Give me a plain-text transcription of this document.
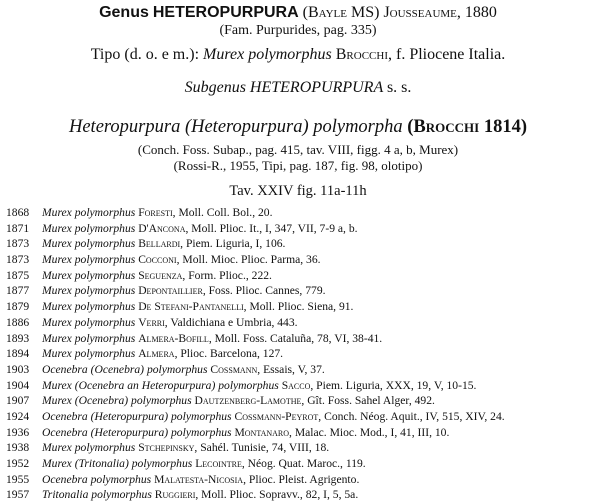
Genus HETEROPURPURA (Bayle MS) Jousseaume, 1880
(Fam. Purpurides, pag. 335)
Tipo (d. o. e m.): Murex polymorphus Brocchi, f. Pliocene Italia.
Subgenus HETEROPURPURA s. s.
Heteropurpura (Heteropurpura) polymorpha (Brocchi 1814)
(Conch. Foss. Subap., pag. 415, tav. VIII, figg. 4 a, b, Murex)
(Rossi-R., 1955, Tipi, pag. 187, fig. 98, olotipo)
Tav. XXIV fig. 11a-11h
1868 Murex polymorphus Foresti, Moll. Coll. Bol., 20.
1871 Murex polymorphus D'Ancona, Moll. Plioc. It., I, 347, VII, 7-9 a, b.
1873 Murex polymorphus Bellardi, Piem. Liguria, I, 106.
1873 Murex polymorphus Cocconi, Moll. Mioc. Plioc. Parma, 36.
1875 Murex polymorphus Seguenza, Form. Plioc., 222.
1877 Murex polymorphus Depontaillier, Foss. Plioc. Cannes, 779.
1879 Murex polymorphus De Stefani-Pantanelli, Moll. Plioc. Siena, 91.
1886 Murex polymorphus Verri, Valdichiana e Umbria, 443.
1893 Murex polymorphus Almera-Bofill, Moll. Foss. Cataluña, 78, VI, 38-41.
1894 Murex polymorphus Almera, Plioc. Barcelona, 127.
1903 Ocenebra (Ocenebra) polymorphus Cossmann, Essais, V, 37.
1904 Murex (Ocenebra an Heteropurpura) polymorphus Sacco, Piem. Liguria, XXX, 19, V, 10-15.
1907 Murex (Ocenebra) polymorphus Dautzenberg-Lamothe, Gît. Foss. Sahel Alger, 492.
1924 Ocenebra (Heteropurpura) polymorphus Cossmann-Peyrot, Conch. Néog. Aquit., IV, 515, XIV, 24.
1936 Ocenebra (Heteropurpura) polymorphus Montanaro, Malac. Mioc. Mod., I, 41, III, 10.
1938 Murex polymorphus Stchepinsky, Sahél. Tunisie, 74, VIII, 18.
1952 Murex (Tritonalia) polymorphus Lecointre, Néog. Quat. Maroc., 119.
1955 Ocenebra polymorphus Malatesta-Nicosia, Plioc. Pleist. Agrigento.
1957 Tritonalia polymorphus Ruggieri, Moll. Plioc. Sopravv., 82, I, 5, 5a.
